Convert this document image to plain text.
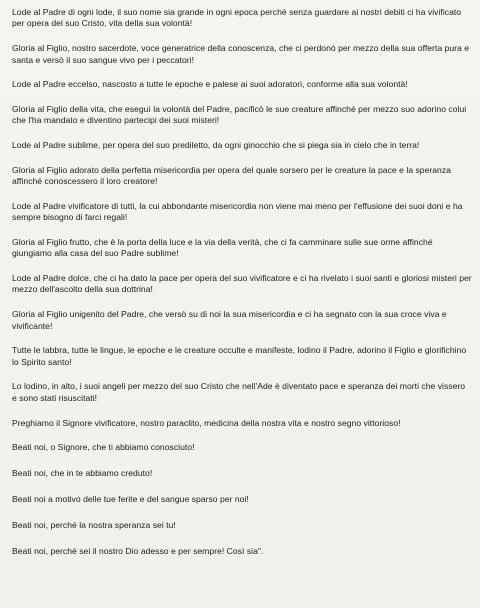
Lode al Padre di ogni lode, il suo nome sia grande in ogni epoca perché senza guardare ai nostri debiti ci ha vivificato per opera del suo Cristo, vita della sua volontà!

Gloria al Figlio, nostro sacerdote, voce generatrice della conoscenza, che ci perdonò per mezzo della sua offerta pura e santa e versò il suo sangue vivo per i peccatori!

Lode al Padre eccelso, nascosto a tutte le epoche e palese ai suoi adoratori, conforme alla sua volontà!

Gloria al Figlio della vita, che eseguì la volontà del Padre, pacificò le sue creature affinché per mezzo suo adorino colui che l'ha mandato e diventino partecipi dei suoi misteri!

Lode al Padre sublime, per opera del suo prediletto, da ogni ginocchio che si piega sia in cielo che in terra!

Gloria al Figlio adorato della perfetta misericordia per opera del quale sorsero per le creature la pace e la speranza affinché conoscessero il loro creatore!

Lode al Padre vivificatore di tutti, la cui abbondante misericordia non viene mai meno per l'effusione dei suoi doni e ha sempre bisogno di farci regali!

Gloria al Figlio frutto, che è la porta della luce e la via della verità, che ci fa camminare sulle sue orme affinché giungiamo alla casa del suo Padre sublime!

Lode al Padre dolce, che ci ha dato la pace per opera del suo vivificatore e ci ha rivelato i suoi santi e gloriosi misteri per mezzo dell'ascolto della sua dottrina!

Gloria al Figlio unigenito del Padre, che versò su di noi la sua misericordia e ci ha segnato con la sua croce viva e vivificante!

Tutte le labbra, tutte le lingue, le epoche e le creature occulte e manifeste, lodino il Padre, adorino il Figlio e glorifichino lo Spirito santo!

Lo lodino, in alto, i suoi angeli per mezzo del suo Cristo che nell'Ade è diventato pace e speranza dei morti che vissero e sono stati risuscitati!

Preghiamo il Signore vivificatore, nostro paraclito, medicina della nostra vita e nostro segno vittorioso!

Beati noi, o Signore, che ti abbiamo conosciuto!

Beati noi, che in te abbiamo creduto!

Beati noi a motivo delle tue ferite e del sangue sparso per noi!

Beati noi, perché la nostra speranza sei tu!

Beati noi, perché sei il nostro Dio adesso e per sempre! Così sia".
